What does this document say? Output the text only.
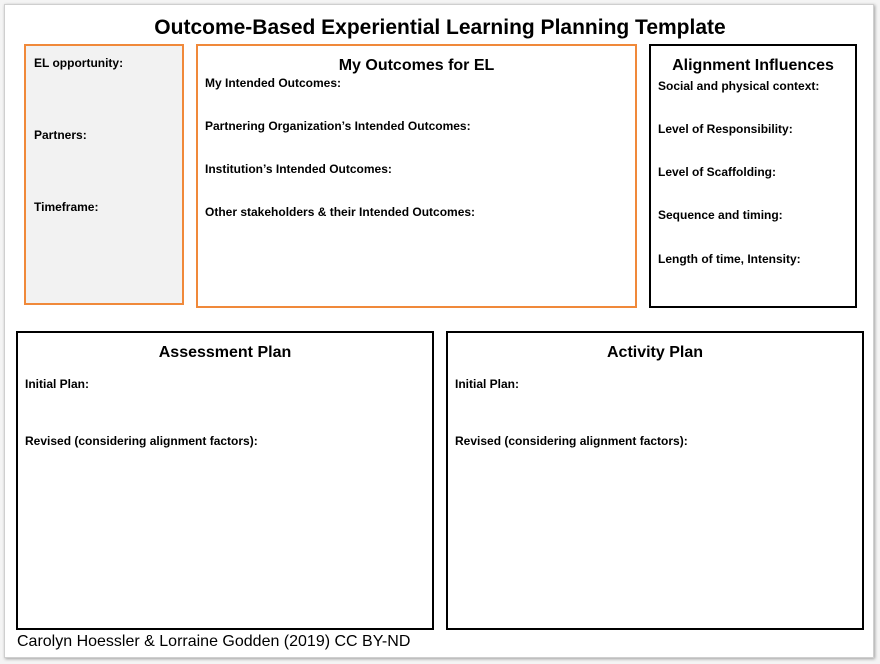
Outcome-Based Experiential Learning Planning Template
EL opportunity:
Partners:
Timeframe:
My Outcomes for EL
My Intended Outcomes:
Partnering Organization’s Intended Outcomes:
Institution’s Intended Outcomes:
Other stakeholders & their Intended Outcomes:
Alignment Influences
Social and physical context:
Level of Responsibility:
Level of Scaffolding:
Sequence and timing:
Length of time, Intensity:
Assessment Plan
Initial Plan:
Revised (considering alignment factors):
Activity Plan
Initial Plan:
Revised (considering alignment factors):
Carolyn Hoessler & Lorraine Godden (2019) CC BY-ND
